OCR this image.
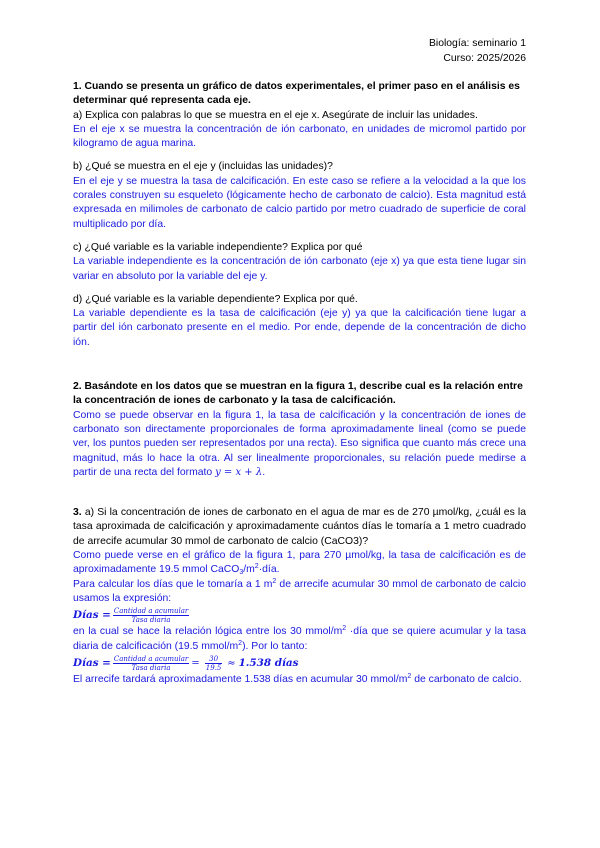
Biología: seminario 1
Curso: 2025/2026

1. Cuando se presenta un gráfico de datos experimentales, el primer paso en el análisis es determinar qué representa cada eje.

a) Explica con palabras lo que se muestra en el eje x. Asegúrate de incluir las unidades.

En el eje x se muestra la concentración de ión carbonato, en unidades de micromol partido por kilogramo de agua marina.

b) ¿Qué se muestra en el eje y (incluidas las unidades)?

En el eje y se muestra la tasa de calcificación. En este caso se refiere a la velocidad a la que los corales construyen su esqueleto (lógicamente hecho de carbonato de calcio). Esta magnitud está expresada en milimoles de carbonato de calcio partido por metro cuadrado de superficie de coral multiplicado por día.

c) ¿Qué variable es la variable independiente? Explica por qué

La variable independiente es la concentración de ión carbonato (eje x) ya que esta tiene lugar sin variar en absoluto por la variable del eje y.

d) ¿Qué variable es la variable dependiente? Explica por qué.

La variable dependiente es la tasa de calcificación (eje y) ya que la calcificación tiene lugar a partir del ión carbonato presente en el medio. Por ende, depende de la concentración de dicho ión.

2. Basándote en los datos que se muestran en la figura 1, describe cual es la relación entre la concentración de iones de carbonato y la tasa de calcificación.

Como se puede observar en la figura 1, la tasa de calcificación y la concentración de iones de carbonato son directamente proporcionales de forma aproximadamente lineal (como se puede ver, los puntos pueden ser representados por una recta). Eso significa que cuanto más crece una magnitud, más lo hace la otra. Al ser linealmente proporcionales, su relación puede medirse a partir de una recta del formato y = x + λ.

3. a) Si la concentración de iones de carbonato en el agua de mar es de 270 µmol/kg, ¿cuál es la tasa aproximada de calcificación y aproximadamente cuántos días le tomaría a 1 metro cuadrado de arrecife acumular 30 mmol de carbonato de calcio (CaCO3)?

Como puede verse en el gráfico de la figura 1, para 270 µmol/kg, la tasa de calcificación es de aproximadamente 19.5 mmol $CaCO_3/m^2\cdot día$.

Para calcular los días que le tomaría a 1 $m^2$ de arrecife acumular 30 mmol de carbonato de calcio usamos la expresión:

Días = $\frac{\text{Cantidad a acumular}}{\text{Tasa diaria}}$

en la cual se hace la relación lógica entre los 30 mmol/$m^2$ ·día que se quiere acumular y la tasa diaria de calcificación (19.5 mmol/$m^2$). Por lo tanto:

Días = $\frac{\text{Cantidad a acumular}}{\text{Tasa diaria}} = \frac{30}{19.5} \approx 1.538$ días

El arrecife tardará aproximadamente 1.538 días en acumular 30 mmol/$m^2$ de carbonato de calcio.
